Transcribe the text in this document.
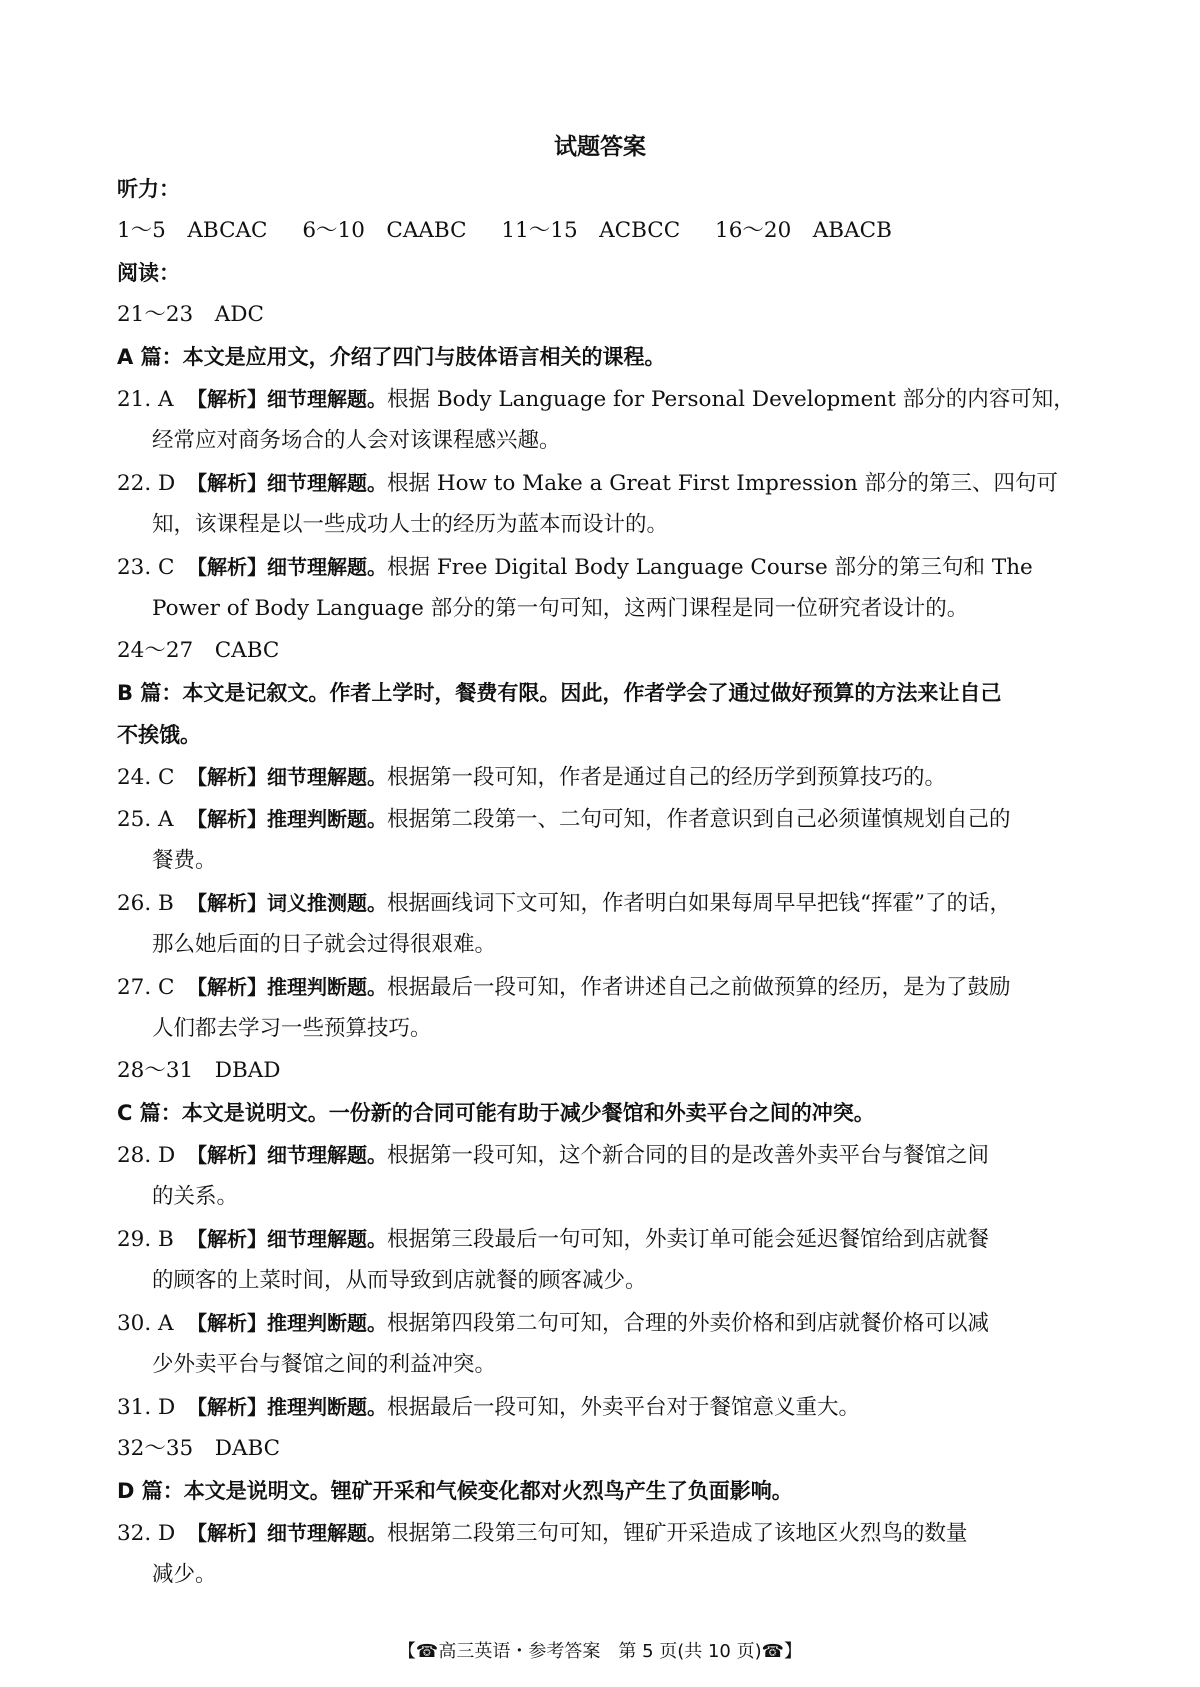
试题答案
听力：
1～5　ABCAC 6～10　CAABC 11～15　ACBCC 16～20　ABACB
阅读：
21～23　ADC
A 篇：本文是应用文，介绍了四门与肢体语言相关的课程。
21. A 【解析】细节理解题。根据 Body Language for Personal Development 部分的内容可知，
经常应对商务场合的人会对该课程感兴趣。
22. D 【解析】细节理解题。根据 How to Make a Great First Impression 部分的第三、四句可
知，该课程是以一些成功人士的经历为蓝本而设计的。
23. C 【解析】细节理解题。根据 Free Digital Body Language Course 部分的第三句和 The
Power of Body Language 部分的第一句可知，这两门课程是同一位研究者设计的。
24～27　CABC
B 篇：本文是记叙文。作者上学时，餐费有限。因此，作者学会了通过做好预算的方法来让自己
不挨饿。
24. C 【解析】细节理解题。根据第一段可知，作者是通过自己的经历学到预算技巧的。
25. A 【解析】推理判断题。根据第二段第一、二句可知，作者意识到自己必须谨慎规划自己的
餐费。
26. B 【解析】词义推测题。根据画线词下文可知，作者明白如果每周早早把钱“挥霍”了的话，
那么她后面的日子就会过得很艰难。
27. C 【解析】推理判断题。根据最后一段可知，作者讲述自己之前做预算的经历，是为了鼓励
人们都去学习一些预算技巧。
28～31　DBAD
C 篇：本文是说明文。一份新的合同可能有助于减少餐馆和外卖平台之间的冲突。
28. D 【解析】细节理解题。根据第一段可知，这个新合同的目的是改善外卖平台与餐馆之间
的关系。
29. B 【解析】细节理解题。根据第三段最后一句可知，外卖订单可能会延迟餐馆给到店就餐
的顾客的上菜时间，从而导致到店就餐的顾客减少。
30. A 【解析】推理判断题。根据第四段第二句可知，合理的外卖价格和到店就餐价格可以减
少外卖平台与餐馆之间的利益冲突。
31. D 【解析】推理判断题。根据最后一段可知，外卖平台对于餐馆意义重大。
32～35　DABC
D 篇：本文是说明文。锂矿开采和气候变化都对火烈鸟产生了负面影响。
32. D 【解析】细节理解题。根据第二段第三句可知，锂矿开采造成了该地区火烈鸟的数量
减少。
【☎高三英语・参考答案　第 5 页(共 10 页)☎】
